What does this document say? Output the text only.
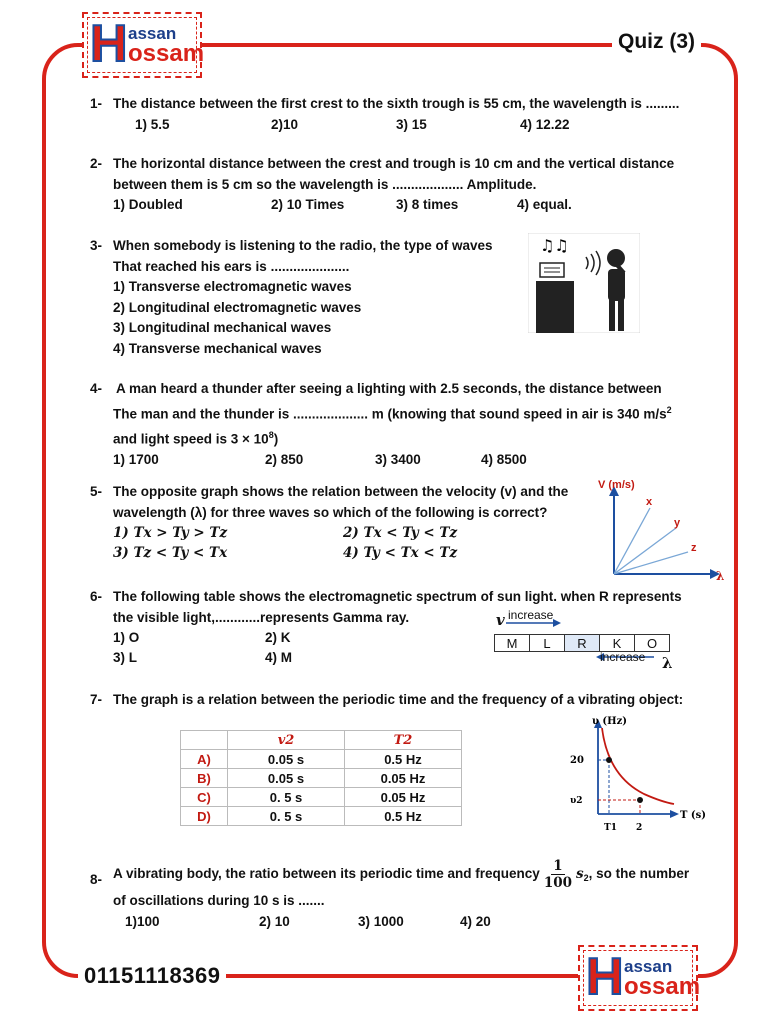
H assan
ossam	Quiz (3)
1- The distance between the first crest to the sixth trough is 55 cm, the wavelength is .........
1) 5.5	2)10	3) 15	4) 12.22
2- The horizontal distance between the crest and trough is 10 cm and the vertical distance
between them is 5 cm so the wavelength is ................... Amplitude.
1) Doubled	2) 10 Times	3) 8 times	4) equal.
3- When somebody is listening to the radio, the type of waves
That reached his ears is .....................
1) Transverse electromagnetic waves
2) Longitudinal electromagnetic waves
3) Longitudinal mechanical waves
4) Transverse mechanical waves
♫♫
4- A man heard a thunder after seeing a lighting with 2.5 seconds, the distance between
The man and the thunder is .................... m (knowing that sound speed in air is 340 $m/s^2$
and light speed is $3 \times 10^8$)
1) 1700	2) 850	3) 3400	4) 8500
5- The opposite graph shows the relation between the velocity (v) and the
wavelength (λ) for three waves so which of the following is correct?
1) Tx > Ty > Tz	2) Tx < Ty < Tz
3) Tz < Ty < Tx	4) Ty < Tx < Tz
V (m/s)
x
y
z
λ
6- The following table shows the electromagnetic spectrum of sun light. when R represents
the visible light,............represents Gamma ray.
1) O	2) K
3) L	4) M
v increase
M	L	R	K	O
increase λ
7- The graph is a relation between the periodic time and the frequency of a vibrating object:
	v2	T2
A)	0.05 s	0.5 Hz
B)	0.05 s	0.05 Hz
C)	0. 5 s	0.05 Hz
D)	0. 5 s	0.5 Hz
υ (Hz)
20
υ2
T1 2
T (s)
8- A vibrating body, the ratio between its periodic time and frequency 1
100
$s_2$ , so the number
of oscillations during 10 s is .......
1)100	2) 10	3) 1000	4) 20
01151118369	H assan
ossam
